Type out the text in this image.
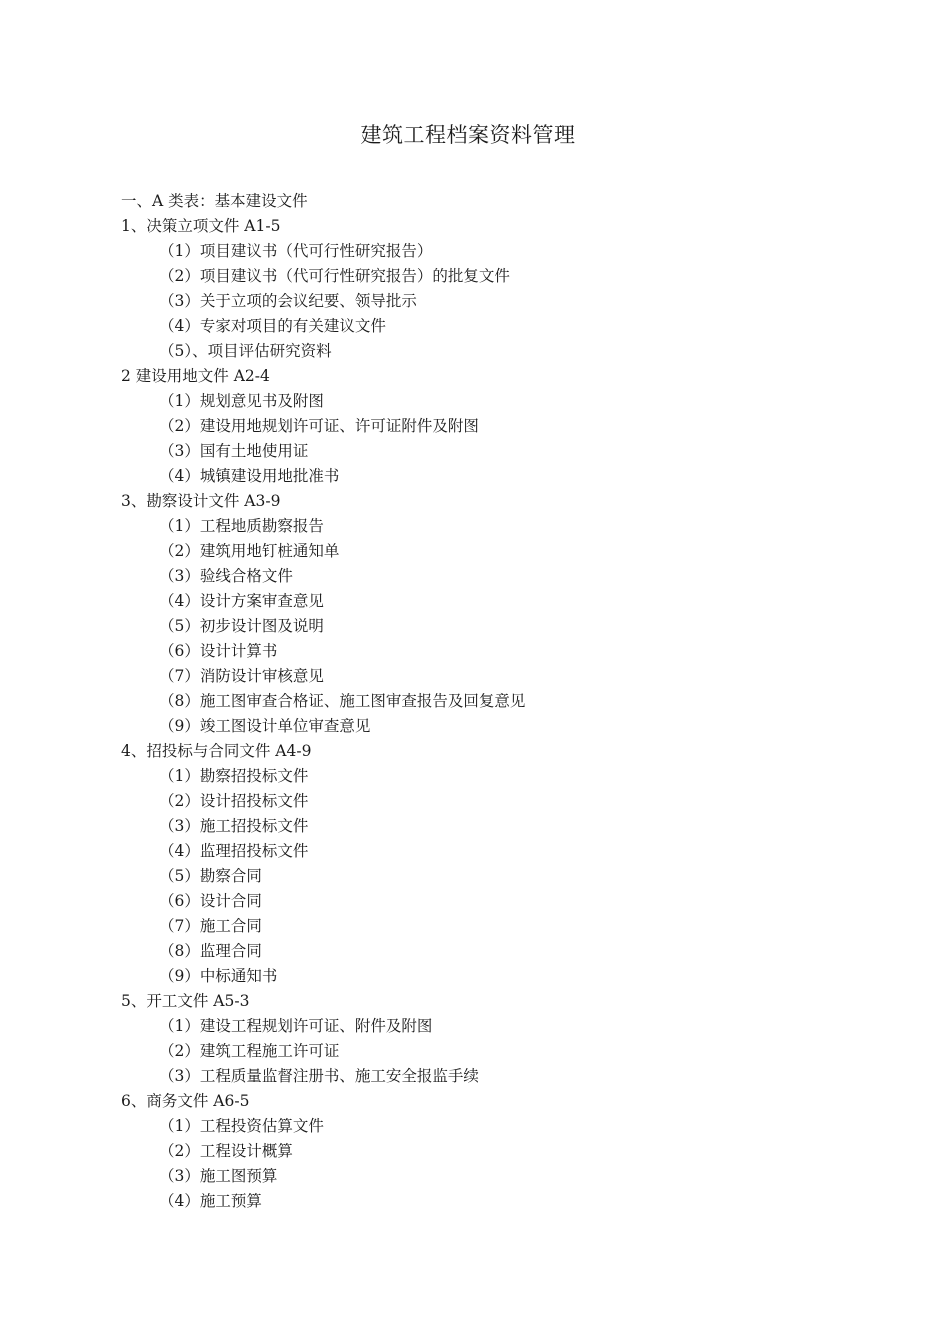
建筑工程档案资料管理
一、A 类表：基本建设文件
1、决策立项文件 A1-5
（1）项目建议书（代可行性研究报告）
（2）项目建议书（代可行性研究报告）的批复文件
（3）关于立项的会议纪要、领导批示
（4）专家对项目的有关建议文件
（5）、项目评估研究资料
2 建设用地文件 A2-4
（1）规划意见书及附图
（2）建设用地规划许可证、许可证附件及附图
（3）国有土地使用证
（4）城镇建设用地批准书
3、勘察设计文件 A3-9
（1）工程地质勘察报告
（2）建筑用地钉桩通知单
（3）验线合格文件
（4）设计方案审查意见
（5）初步设计图及说明
（6）设计计算书
（7）消防设计审核意见
（8）施工图审查合格证、施工图审查报告及回复意见
（9）竣工图设计单位审查意见
4、招投标与合同文件 A4-9
（1）勘察招投标文件
（2）设计招投标文件
（3）施工招投标文件
（4）监理招投标文件
（5）勘察合同
（6）设计合同
（7）施工合同
（8）监理合同
（9）中标通知书
5、开工文件 A5-3
（1）建设工程规划许可证、附件及附图
（2）建筑工程施工许可证
（3）工程质量监督注册书、施工安全报监手续
6、商务文件 A6-5
（1）工程投资估算文件
（2）工程设计概算
（3）施工图预算
（4）施工预算
